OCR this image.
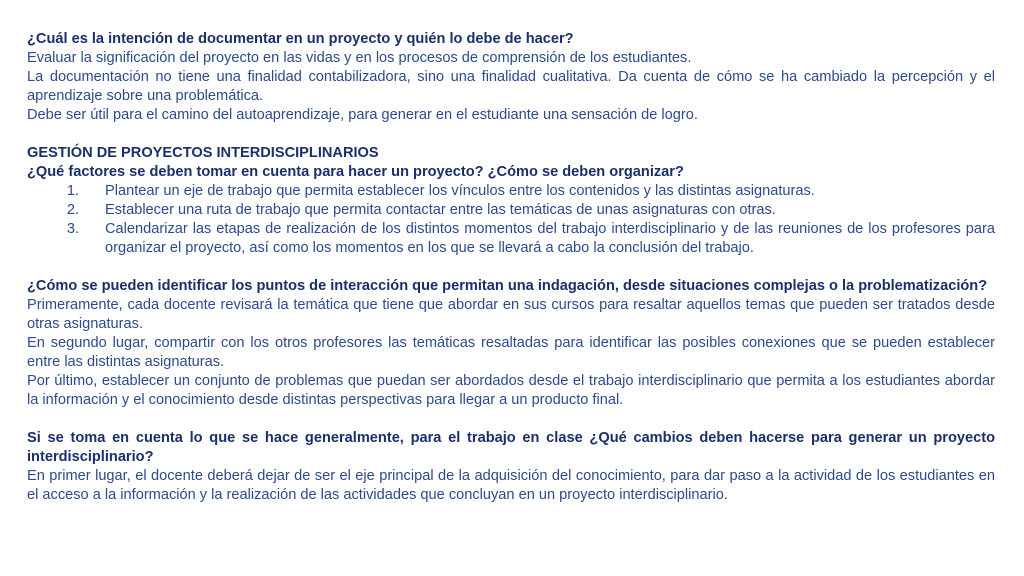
¿Cuál es la intención de documentar en un proyecto y quién lo debe de hacer?

Evaluar la significación del proyecto en las vidas y en los procesos de comprensión de los estudiantes.

La documentación no tiene una finalidad contabilizadora, sino una finalidad cualitativa. Da cuenta de cómo se ha cambiado la percepción y el aprendizaje sobre una problemática.

Debe ser útil para el camino del autoaprendizaje, para generar en el estudiante una sensación de logro.

GESTIÓN DE PROYECTOS INTERDISCIPLINARIOS

¿Qué factores se deben tomar en cuenta para hacer un proyecto? ¿Cómo se deben organizar?

1.	Plantear un eje de trabajo que permita establecer los vínculos entre los contenidos y las distintas asignaturas.
2.	Establecer una ruta de trabajo que permita contactar entre las temáticas de unas asignaturas con otras.
3.	Calendarizar las etapas de realización de los distintos momentos del trabajo interdisciplinario y de las reuniones de los profesores para organizar el proyecto, así como los momentos en los que se llevará a cabo la conclusión del trabajo.

¿Cómo se pueden identificar los puntos de interacción que permitan una indagación, desde situaciones complejas o la problematización?

Primeramente, cada docente revisará la temática que tiene que abordar en sus cursos para resaltar aquellos temas que pueden ser tratados desde otras asignaturas.

En segundo lugar, compartir con los otros profesores las temáticas resaltadas para identificar las posibles conexiones que se pueden establecer entre las distintas asignaturas.

Por último, establecer un conjunto de problemas que puedan ser abordados desde el trabajo interdisciplinario que permita a los estudiantes abordar la información y el conocimiento desde distintas perspectivas para llegar a un producto final.

Si se toma en cuenta lo que se hace generalmente, para el trabajo en clase ¿Qué cambios deben hacerse para generar un proyecto interdisciplinario?

En primer lugar, el docente deberá dejar de ser el eje principal de la adquisición del conocimiento, para dar paso a la actividad de los estudiantes en el acceso a la información y la realización de las actividades que concluyan en un proyecto interdisciplinario.
